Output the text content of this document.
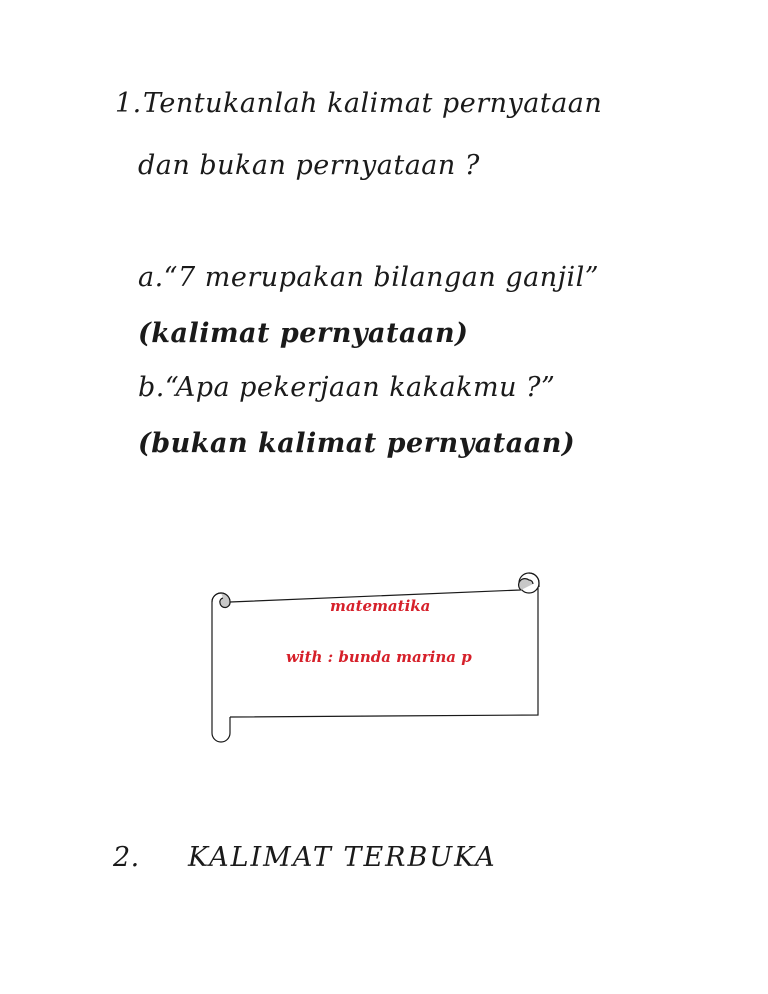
1. Tentukanlah kalimat pernyataan
dan bukan pernyataan ?
a.“7 merupakan bilangan ganjil”
(kalimat pernyataan)
b.“Apa pekerjaan kakakmu ?”
(bukan kalimat pernyataan)
matematika
with : bunda marina p
2. KALIMAT TERBUKA
